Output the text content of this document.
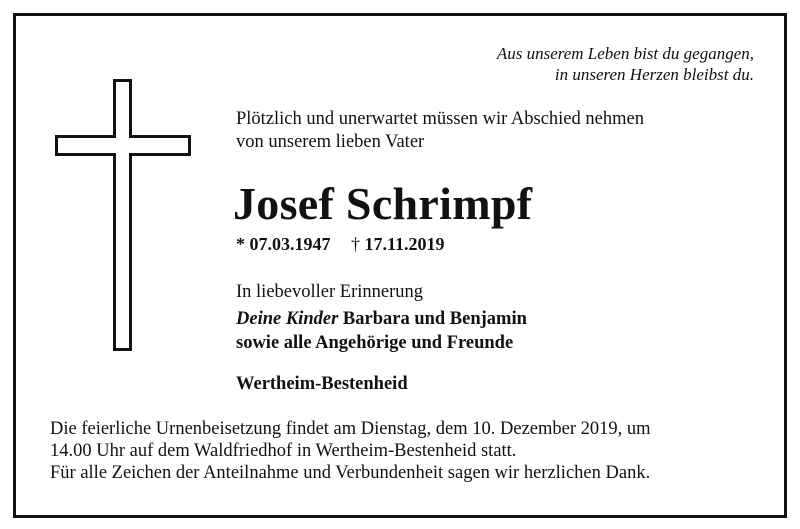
Aus unserem Leben bist du gegangen,
in unseren Herzen bleibst du.
Plötzlich und unerwartet müssen wir Abschied nehmen
von unserem lieben Vater
Josef Schrimpf
* 07.03.1947 † 17.11.2019
In liebevoller Erinnerung
Deine Kinder Barbara und Benjamin
sowie alle Angehörige und Freunde
Wertheim-Bestenheid
Die feierliche Urnenbeisetzung findet am Dienstag, dem 10. Dezember 2019, um
14.00 Uhr auf dem Waldfriedhof in Wertheim-Bestenheid statt.
Für alle Zeichen der Anteilnahme und Verbundenheit sagen wir herzlichen Dank.
